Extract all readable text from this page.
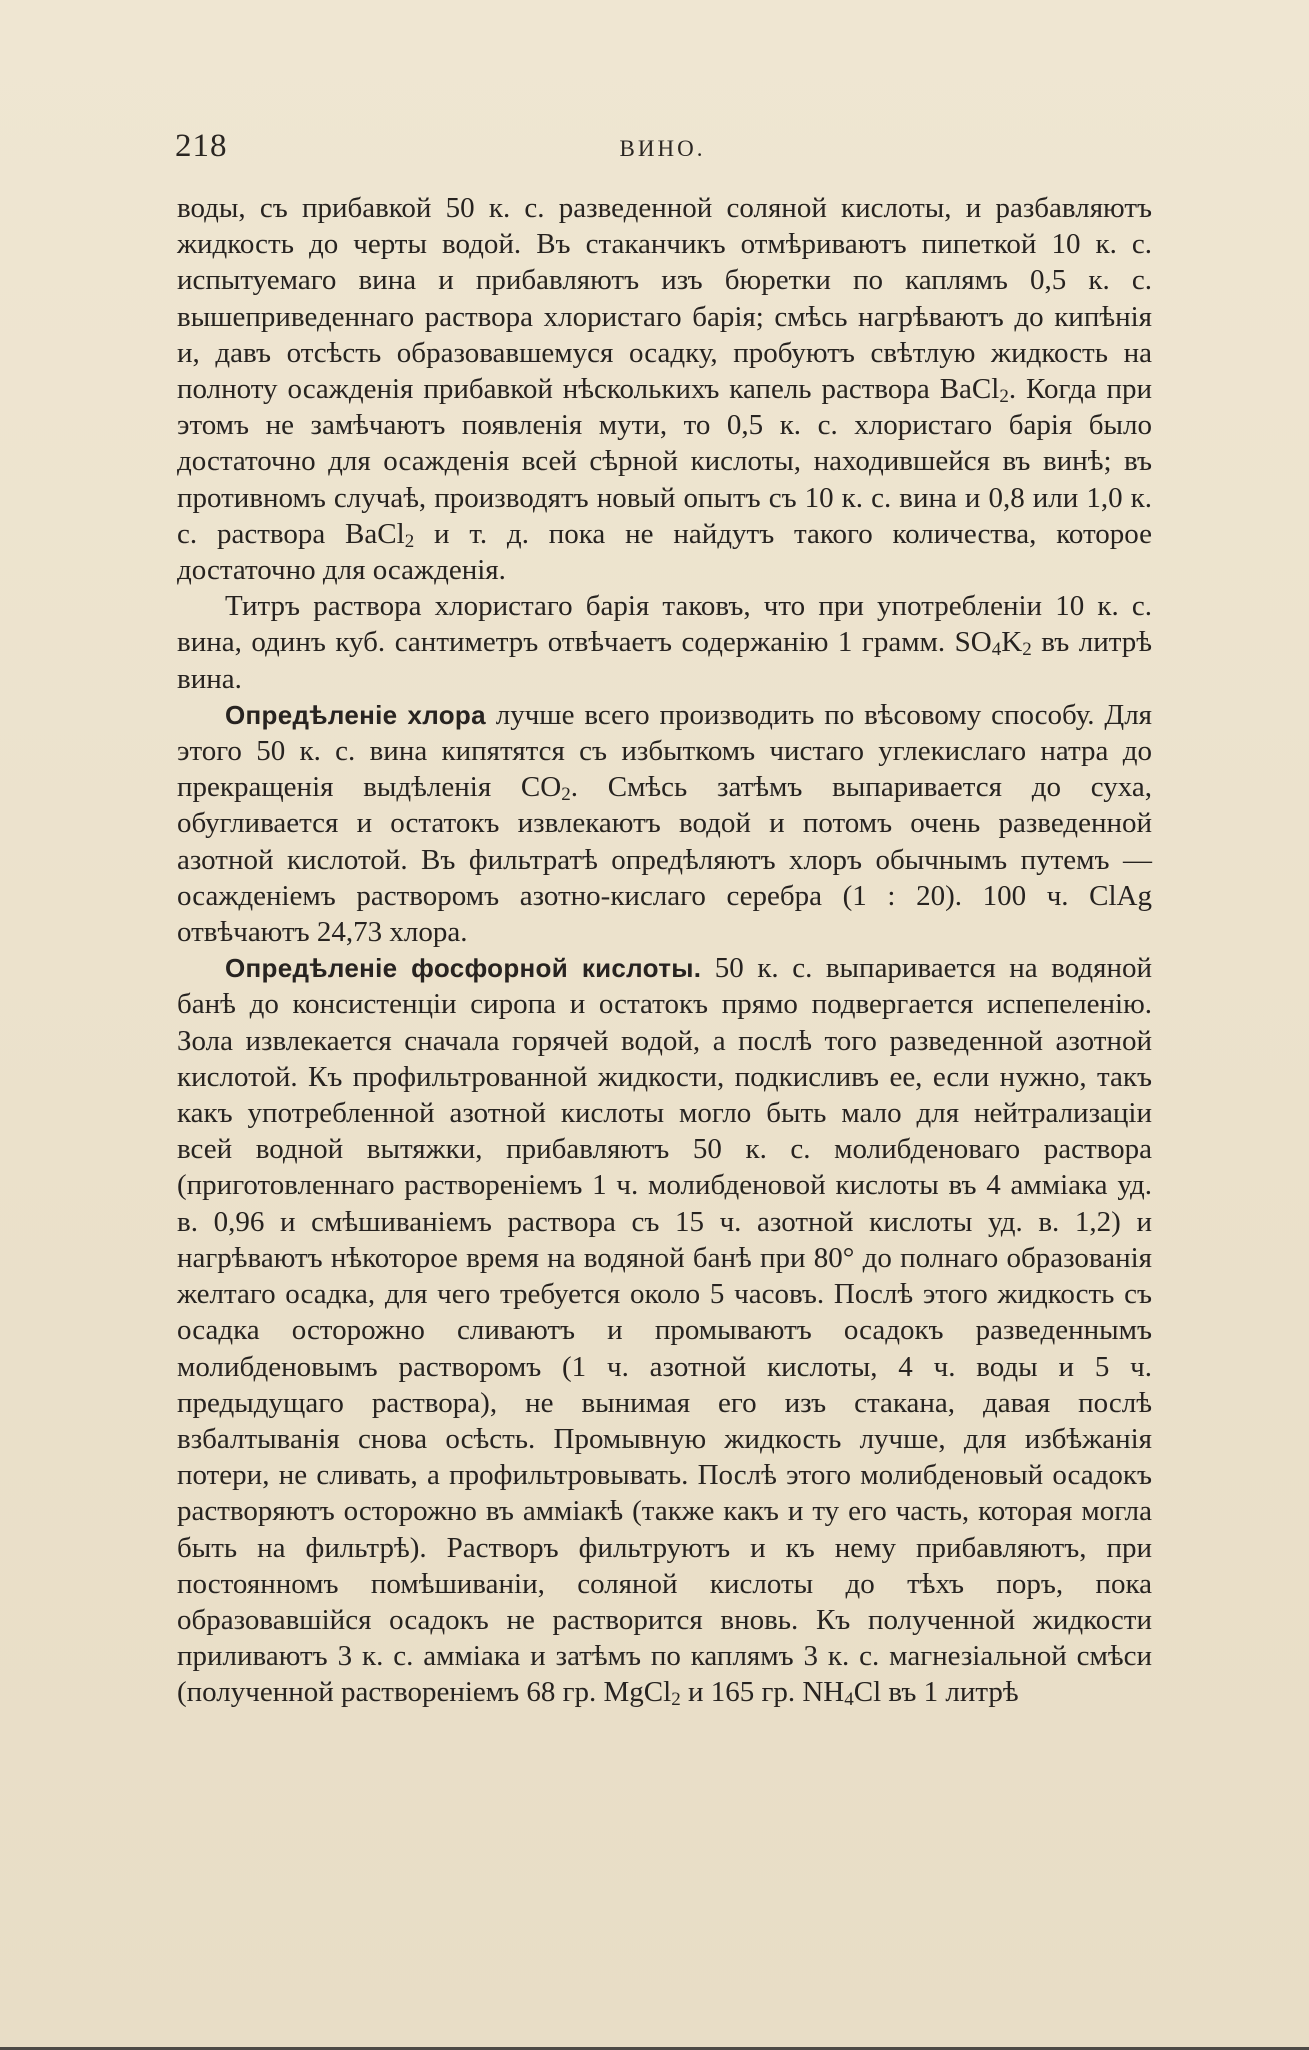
218	ВИНО.

воды, съ прибавкой 50 к. с. разведенной соляной кислоты, и разбавляютъ жидкость до черты водой. Въ стаканчикъ отмѣриваютъ пипеткой 10 к. с. испытуемаго вина и прибавляютъ изъ бюретки по каплямъ 0,5 к. с. вышеприведеннаго раствора хлористаго барія; смѣсь нагрѣваютъ до кипѣнія и, давъ отсѣсть образовавшемуся осадку, пробуютъ свѣтлую жидкость на полноту осажденія прибавкой нѣсколькихъ капель раствора BaCl$_2$. Когда при этомъ не замѣчаютъ появленія мути, то 0,5 к. с. хлористаго барія было достаточно для осажденія всей сѣрной кислоты, находившейся въ винѣ; въ противномъ случаѣ, производятъ новый опытъ съ 10 к. с. вина и 0,8 или 1,0 к. с. раствора BaCl$_2$ и т. д. пока не найдутъ такого количества, которое достаточно для осажденія.

Титръ раствора хлористаго барія таковъ, что при употребленіи 10 к. с. вина, одинъ куб. сантиметръ отвѣчаетъ содержанію 1 грамм. $SO_4K_2$ въ литрѣ вина.

Опредѣленіе хлора лучше всего производить по вѣсовому способу. Для этого 50 к. с. вина кипятятся съ избыткомъ чистаго углекислаго натра до прекращенія выдѣленія $CO_2$. Смѣсь затѣмъ выпаривается до суха, обугливается и остатокъ извлекаютъ водой и потомъ очень разведенной азотной кислотой. Въ фильтратѣ опредѣляютъ хлоръ обычнымъ путемъ — осажденіемъ растворомъ азотно-кислаго серебра (1 : 20). 100 ч. ClAg отвѣчаютъ 24,73 хлора.

Опредѣленіе фосфорной кислоты. 50 к. с. выпаривается на водяной банѣ до консистенціи сиропа и остатокъ прямо подвергается испепеленію. Зола извлекается сначала горячей водой, а послѣ того разведенной азотной кислотой. Къ профильтрованной жидкости, подкисливъ ее, если нужно, такъ какъ употребленной азотной кислоты могло быть мало для нейтрализаціи всей водной вытяжки, прибавляютъ 50 к. с. молибденоваго раствора (приготовленнаго раствореніемъ 1 ч. молибденовой кислоты въ 4 амміака уд. в. 0,96 и смѣшиваніемъ раствора съ 15 ч. азотной кислоты уд. в. 1,2) и нагрѣваютъ нѣкоторое время на водяной банѣ при 80° до полнаго образованія желтаго осадка, для чего требуется около 5 часовъ. Послѣ этого жидкость съ осадка осторожно сливаютъ и промываютъ осадокъ разведеннымъ молибденовымъ растворомъ (1 ч. азотной кислоты, 4 ч. воды и 5 ч. предыдущаго раствора), не вынимая его изъ стакана, давая послѣ взбалтыванія снова осѣсть. Промывную жидкость лучше, для избѣжанія потери, не сливать, а профильтровывать. Послѣ этого молибденовый осадокъ растворяютъ осторожно въ амміакѣ (также какъ и ту его часть, которая могла быть на фильтрѣ). Растворъ фильтруютъ и къ нему прибавляютъ, при постоянномъ помѣшиваніи, соляной кислоты до тѣхъ поръ, пока образовавшійся осадокъ не растворится вновь. Къ полученной жидкости приливаютъ 3 к. с. амміака и затѣмъ по каплямъ 3 к. с. магнезіальной смѣси (полученной раствореніемъ 68 гр. MgCl$_2$ и 165 гр. $NH_4Cl$ въ 1 литрѣ
